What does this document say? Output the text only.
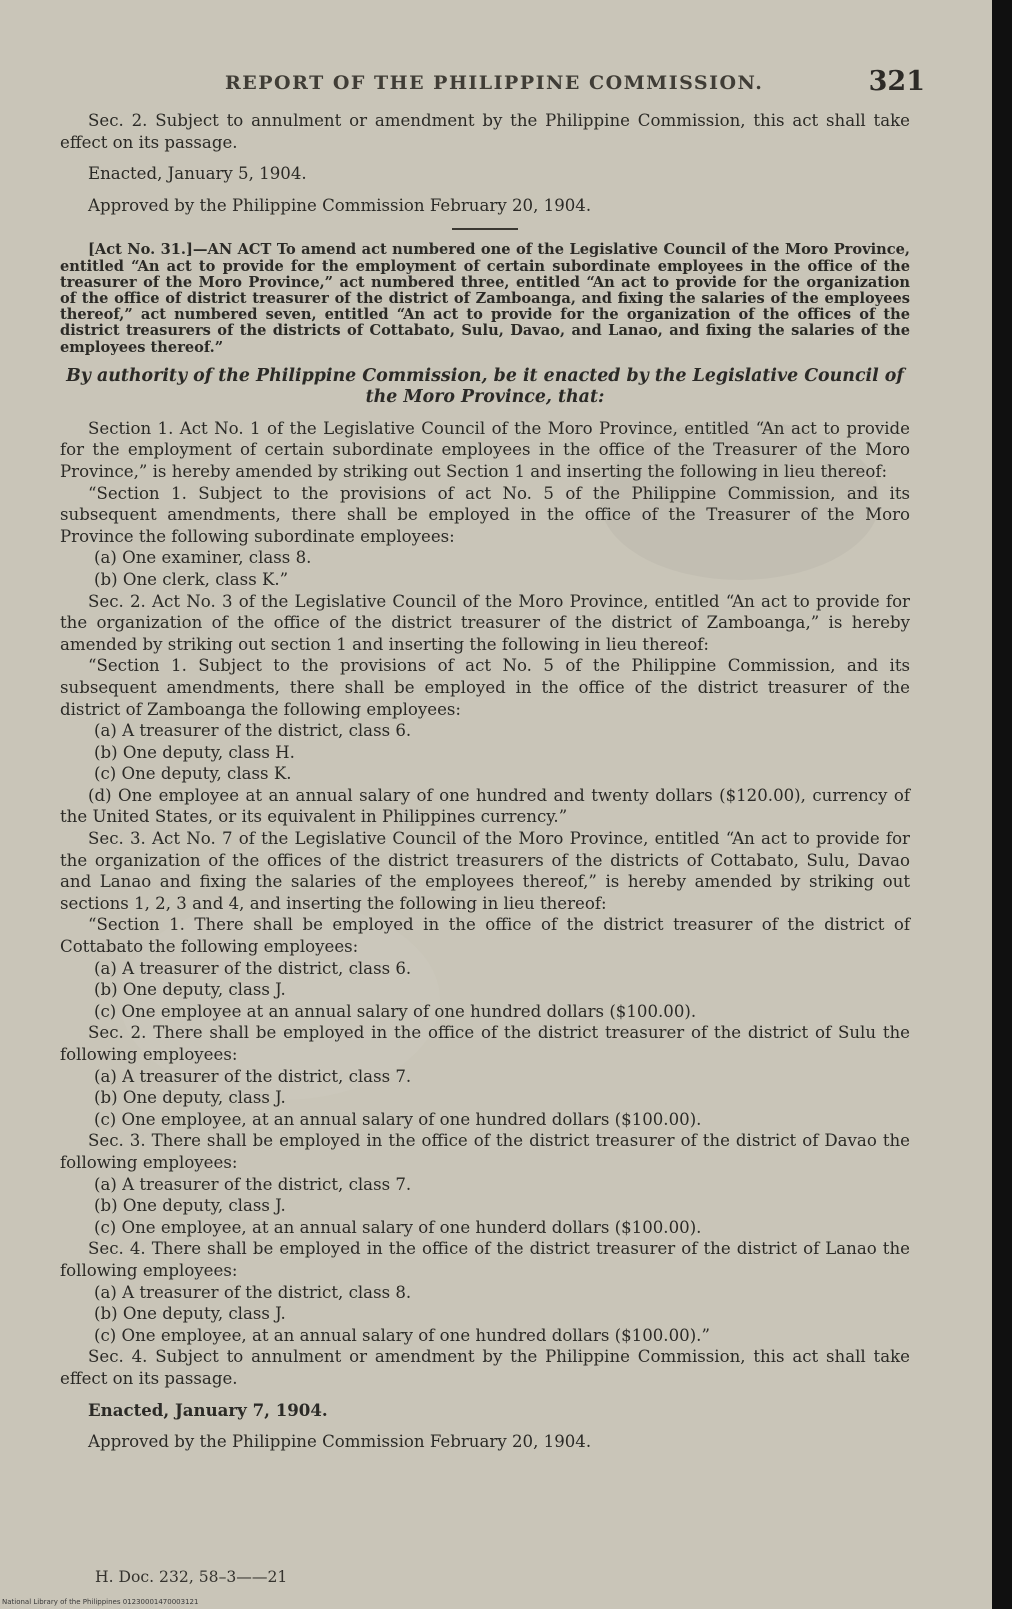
REPORT OF THE PHILIPPINE COMMISSION.	321

Sec. 2. Subject to annulment or amendment by the Philippine Commission, this act shall take effect on its passage.

Enacted, January 5, 1904.

Approved by the Philippine Commission February 20, 1904.

[Act No. 31.]—AN ACT To amend act numbered one of the Legislative Council of the Moro Province, entitled “An act to provide for the employment of certain subordinate employees in the office of the treasurer of the Moro Province,” act numbered three, entitled “An act to provide for the organization of the office of district treasurer of the district of Zamboanga, and fixing the salaries of the employees thereof,” act numbered seven, entitled “An act to provide for the organization of the offices of the district treasurers of the districts of Cottabato, Sulu, Davao, and Lanao, and fixing the salaries of the employees thereof.”

By authority of the Philippine Commission, be it enacted by the Legislative Council of the Moro Province, that:

Section 1. Act No. 1 of the Legislative Council of the Moro Province, entitled “An act to provide for the employment of certain subordinate employees in the office of the Treasurer of the Moro Province,” is hereby amended by striking out Section 1 and inserting the following in lieu thereof:

“Section 1. Subject to the provisions of act No. 5 of the Philippine Commission, and its subsequent amendments, there shall be employed in the office of the Treasurer of the Moro Province the following subordinate employees:

(a) One examiner, class 8.

(b) One clerk, class K.”

Sec. 2. Act No. 3 of the Legislative Council of the Moro Province, entitled “An act to provide for the organization of the office of the district treasurer of the district of Zamboanga,” is hereby amended by striking out section 1 and inserting the following in lieu thereof:

“Section 1. Subject to the provisions of act No. 5 of the Philippine Commission, and its subsequent amendments, there shall be employed in the office of the district treasurer of the district of Zamboanga the following employees:

(a) A treasurer of the district, class 6.

(b) One deputy, class H.

(c) One deputy, class K.

(d) One employee at an annual salary of one hundred and twenty dollars ($120.00), currency of the United States, or its equivalent in Philippines currency.”

Sec. 3. Act No. 7 of the Legislative Council of the Moro Province, entitled “An act to provide for the organization of the offices of the district treasurers of the districts of Cottabato, Sulu, Davao and Lanao and fixing the salaries of the employees thereof,” is hereby amended by striking out sections 1, 2, 3 and 4, and inserting the following in lieu thereof:

“Section 1. There shall be employed in the office of the district treasurer of the district of Cottabato the following employees:

(a) A treasurer of the district, class 6.

(b) One deputy, class J.

(c) One employee at an annual salary of one hundred dollars ($100.00).

Sec. 2. There shall be employed in the office of the district treasurer of the district of Sulu the following employees:

(a) A treasurer of the district, class 7.

(b) One deputy, class J.

(c) One employee, at an annual salary of one hundred dollars ($100.00).

Sec. 3. There shall be employed in the office of the district treasurer of the district of Davao the following employees:

(a) A treasurer of the district, class 7.

(b) One deputy, class J.

(c) One employee, at an annual salary of one hunderd dollars ($100.00).

Sec. 4. There shall be employed in the office of the district treasurer of the district of Lanao the following employees:

(a) A treasurer of the district, class 8.

(b) One deputy, class J.

(c) One employee, at an annual salary of one hundred dollars ($100.00).”

Sec. 4. Subject to annulment or amendment by the Philippine Commission, this act shall take effect on its passage.

Enacted, January 7, 1904.

Approved by the Philippine Commission February 20, 1904.

H. Doc. 232, 58–3——21
National Library of the Philippines 01230001470003121
